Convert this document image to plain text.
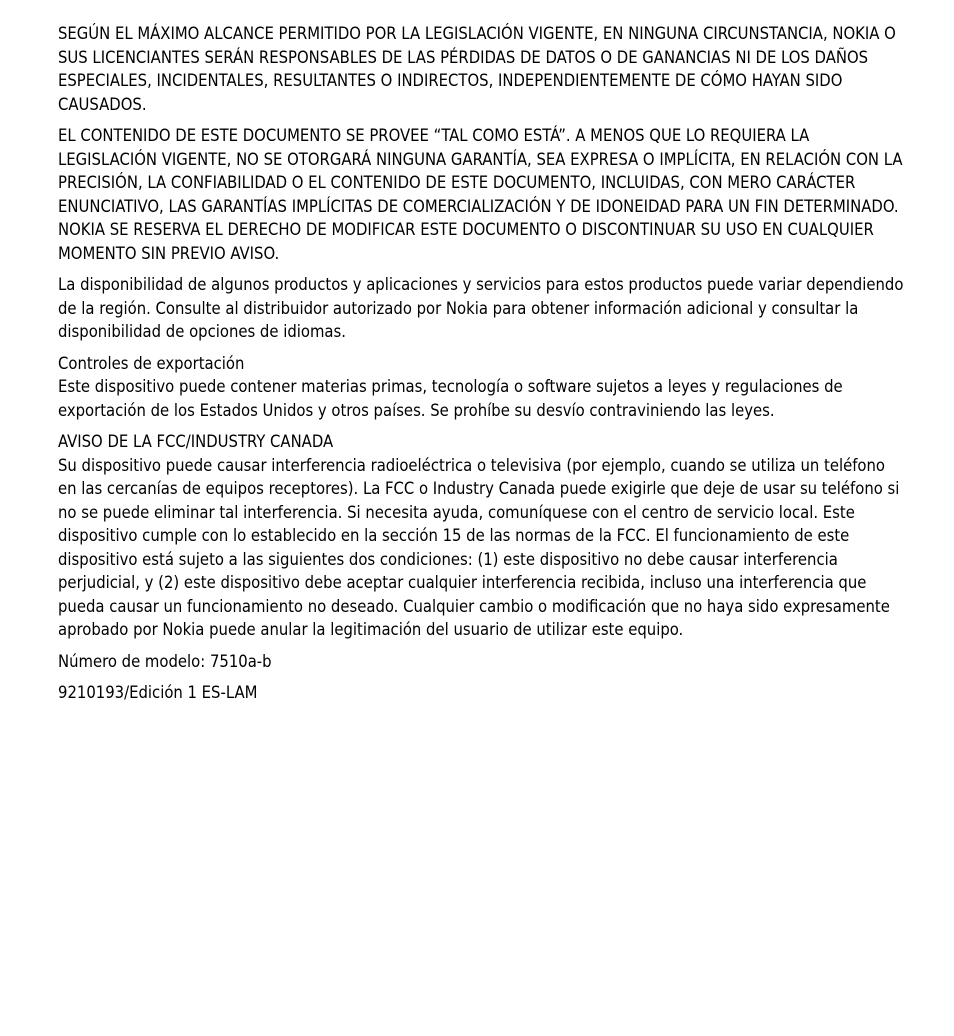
SEGÚN EL MÁXIMO ALCANCE PERMITIDO POR LA LEGISLACIÓN VIGENTE, EN NINGUNA CIRCUNSTANCIA, NOKIA O SUS LICENCIANTES SERÁN RESPONSABLES DE LAS PÉRDIDAS DE DATOS O DE GANANCIAS NI DE LOS DAÑOS ESPECIALES, INCIDENTALES, RESULTANTES O INDIRECTOS, INDEPENDIENTEMENTE DE CÓMO HAYAN SIDO CAUSADOS.

EL CONTENIDO DE ESTE DOCUMENTO SE PROVEE “TAL COMO ESTÁ”. A MENOS QUE LO REQUIERA LA LEGISLACIÓN VIGENTE, NO SE OTORGARÁ NINGUNA GARANTÍA, SEA EXPRESA O IMPLÍCITA, EN RELACIÓN CON LA PRECISIÓN, LA CONFIABILIDAD O EL CONTENIDO DE ESTE DOCUMENTO, INCLUIDAS, CON MERO CARÁCTER ENUNCIATIVO, LAS GARANTÍAS IMPLÍCITAS DE COMERCIALIZACIÓN Y DE IDONEIDAD PARA UN FIN DETERMINADO. NOKIA SE RESERVA EL DERECHO DE MODIFICAR ESTE DOCUMENTO O DISCONTINUAR SU USO EN CUALQUIER MOMENTO SIN PREVIO AVISO.

La disponibilidad de algunos productos y aplicaciones y servicios para estos productos puede variar dependiendo de la región. Consulte al distribuidor autorizado por Nokia para obtener información adicional y consultar la disponibilidad de opciones de idiomas.

Controles de exportación
Este dispositivo puede contener materias primas, tecnología o software sujetos a leyes y regulaciones de exportación de los Estados Unidos y otros países. Se prohíbe su desvío contraviniendo las leyes.
AVISO DE LA FCC/INDUSTRY CANADA
Su dispositivo puede causar interferencia radioeléctrica o televisiva (por ejemplo, cuando se utiliza un teléfono en las cercanías de equipos receptores). La FCC o Industry Canada puede exigirle que deje de usar su teléfono si no se puede eliminar tal interferencia. Si necesita ayuda, comuníquese con el centro de servicio local. Este dispositivo cumple con lo establecido en la sección 15 de las normas de la FCC. El funcionamiento de este dispositivo está sujeto a las siguientes dos condiciones: (1) este dispositivo no debe causar interferencia perjudicial, y (2) este dispositivo debe aceptar cualquier interferencia recibida, incluso una interferencia que pueda causar un funcionamiento no deseado. Cualquier cambio o modificación que no haya sido expresamente aprobado por Nokia puede anular la legitimación del usuario de utilizar este equipo.

Número de modelo: 7510a-b

9210193/Edición 1 ES-LAM
